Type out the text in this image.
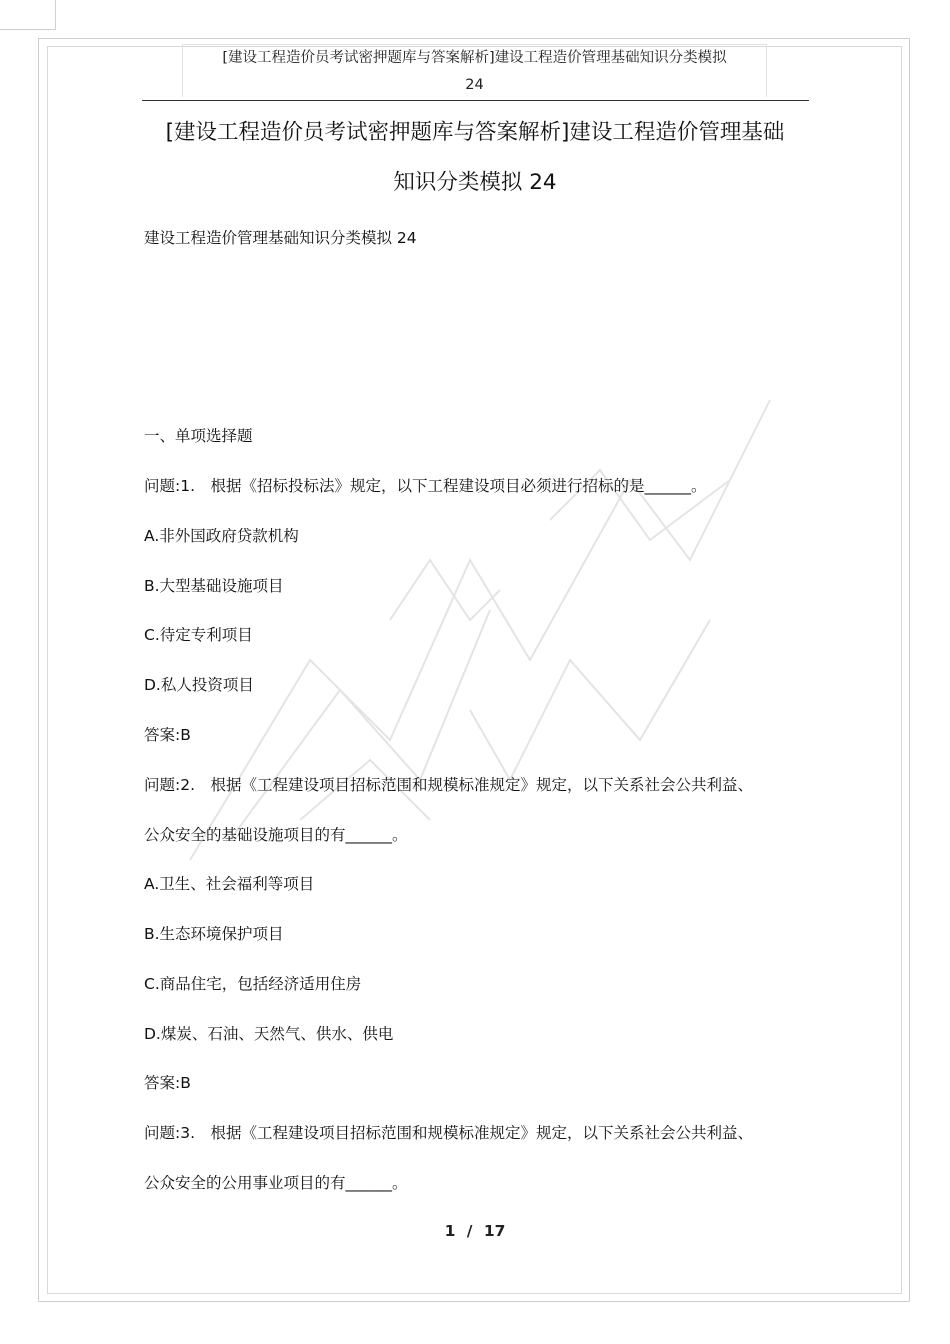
[建设工程造价员考试密押题库与答案解析]建设工程造价管理基础知识分类模拟
24
[建设工程造价员考试密押题库与答案解析]建设工程造价管理基础
知识分类模拟 24
建设工程造价管理基础知识分类模拟 24
一、单项选择题
问题:1.　根据《招标投标法》规定，以下工程建设项目必须进行招标的是______。
A.非外国政府贷款机构
B.大型基础设施项目
C.待定专利项目
D.私人投资项目
答案:B
问题:2.　根据《工程建设项目招标范围和规模标准规定》规定，以下关系社会公共利益、
公众安全的基础设施项目的有______。
A.卫生、社会福利等项目
B.生态环境保护项目
C.商品住宅，包括经济适用住房
D.煤炭、石油、天然气、供水、供电
答案:B
问题:3.　根据《工程建设项目招标范围和规模标准规定》规定，以下关系社会公共利益、
公众安全的公用事业项目的有______。
1 / 17
